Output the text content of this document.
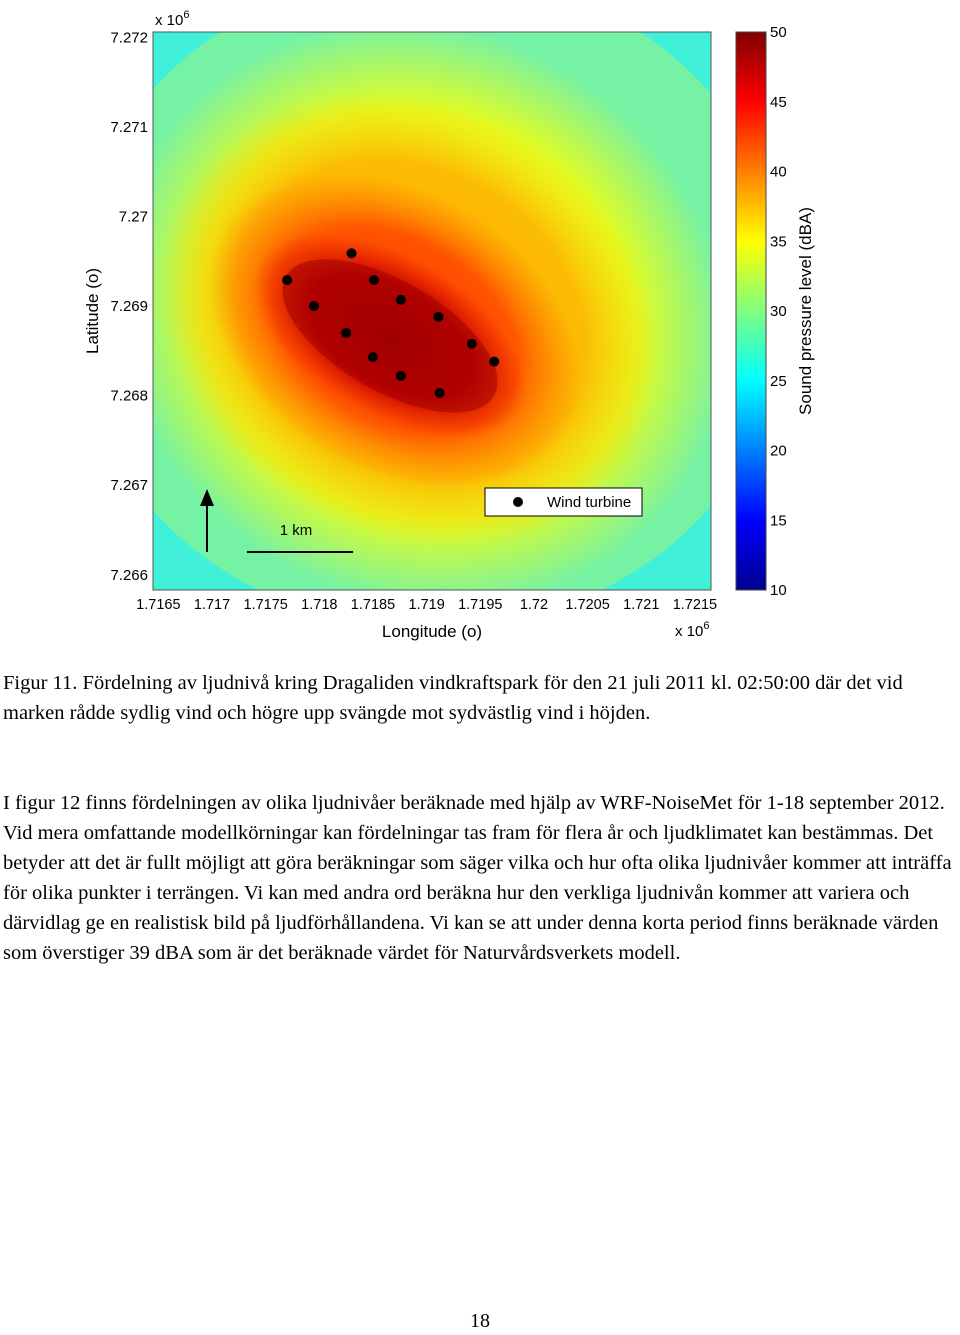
1 km
Wind turbine
7.272
7.271
7.27
7.269
7.268
7.267
7.266
1.7165 1.717 1.7175 1.718 1.7185 1.719 1.7195 1.72 1.7205 1.721 1.7215
x $10^6$
x $10^6$
Longitude (o)
Latitude (o)
50
45
40
35
30
25
20
15
10
Sound pressure level (dBA)

Figur 11. Fördelning av ljudnivå kring Dragaliden vindkraftspark för den 21 juli 2011 kl. 02:50:00 där det vid marken rådde sydlig vind och högre upp svängde mot sydvästlig vind i höjden.

I figur 12 finns fördelningen av olika ljudnivåer beräknade med hjälp av WRF-NoiseMet för 1-18 september 2012. Vid mera omfattande modellkörningar kan fördelningar tas fram för flera år och ljudklimatet kan bestämmas. Det betyder att det är fullt möjligt att göra beräkningar som säger vilka och hur ofta olika ljudnivåer kommer att inträffa för olika punkter i terrängen. Vi kan med andra ord beräkna hur den verkliga ljudnivån kommer att variera och därvidlag ge en realistisk bild på ljudförhållandena. Vi kan se att under denna korta period finns beräknade värden som överstiger 39 dBA som är det beräknade värdet för Naturvårdsverkets modell.

18
